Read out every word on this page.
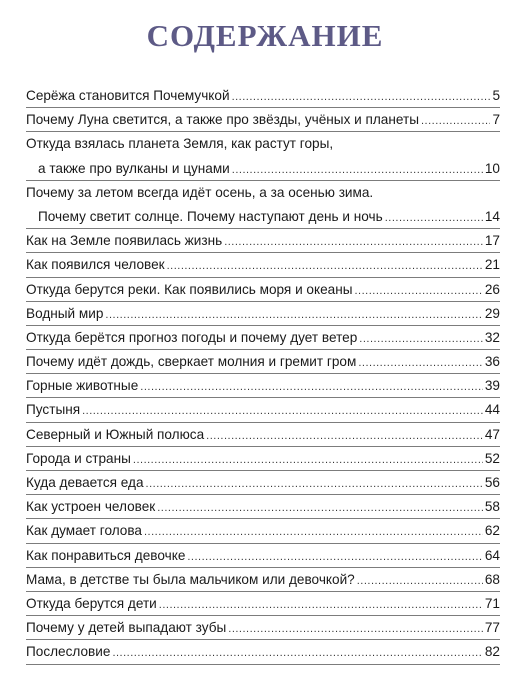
СОДЕРЖАНИЕ
Серёжа становится Почемучкой .....	5
Почему Луна светится, а также про звёзды, учёных и планеты .....	7
Откуда взялась планета Земля, как растут горы,
а также про вулканы и цунами .....	10
Почему за летом всегда идёт осень, а за осенью зима.
Почему светит солнце. Почему наступают день и ночь .....	14
Как на Земле появилась жизнь .....	17
Как появился человек .....	21
Откуда берутся реки. Как появились моря и океаны .....	26
Водный мир .....	29
Откуда берётся прогноз погоды и почему дует ветер .....	32
Почему идёт дождь, сверкает молния и гремит гром .....	36
Горные животные .....	39
Пустыня .....	44
Северный и Южный полюса .....	47
Города и страны .....	52
Куда девается еда .....	56
Как устроен человек .....	58
Как думает голова .....	62
Как понравиться девочке .....	64
Мама, в детстве ты была мальчиком или девочкой? .....	68
Откуда берутся дети .....	71
Почему у детей выпадают зубы .....	77
Послесловие .....	82
